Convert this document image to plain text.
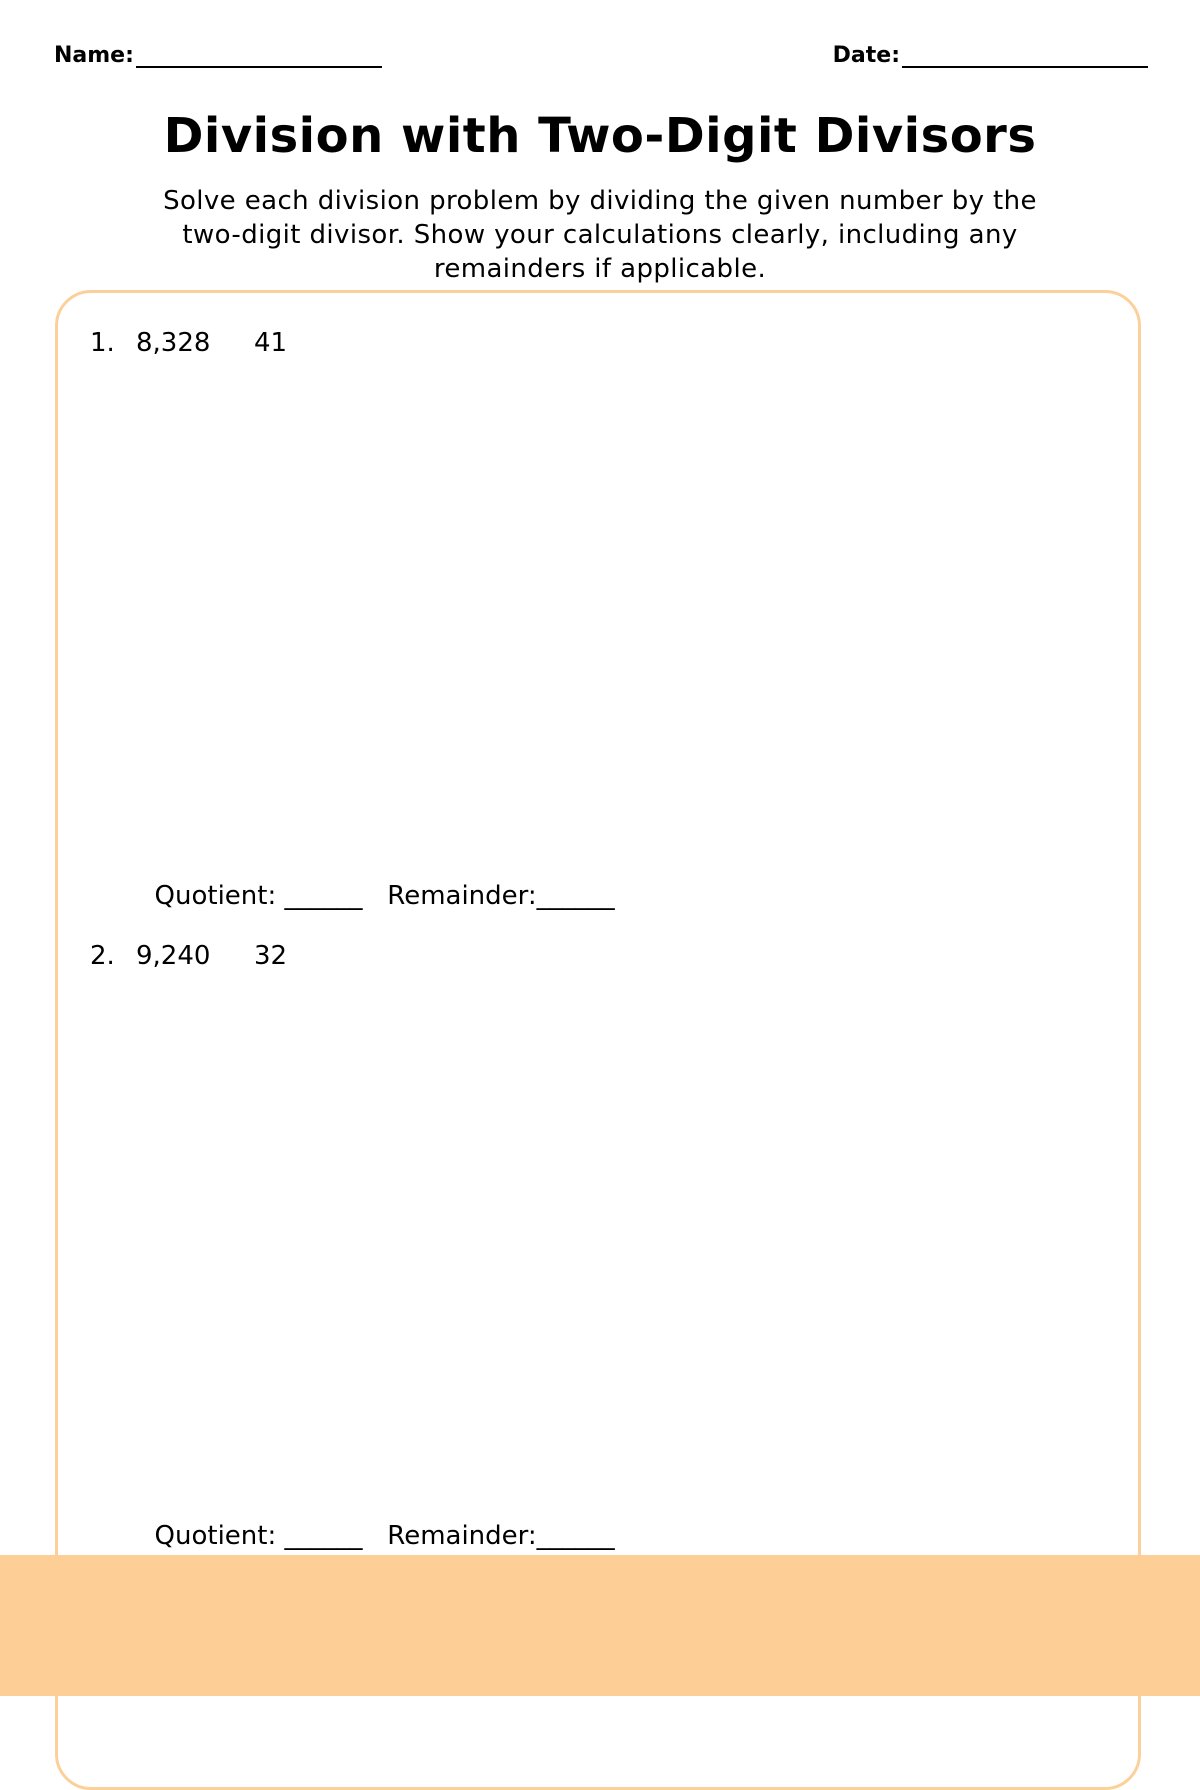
Name:	Date:
Division with Two-Digit Divisors
Solve each division problem by dividing the given number by the two-digit divisor. Show your calculations clearly, including any remainders if applicable.
1. 8,328	41

Quotient: ______ Remainder:______

2. 9,240	32

Quotient: ______ Remainder:______
